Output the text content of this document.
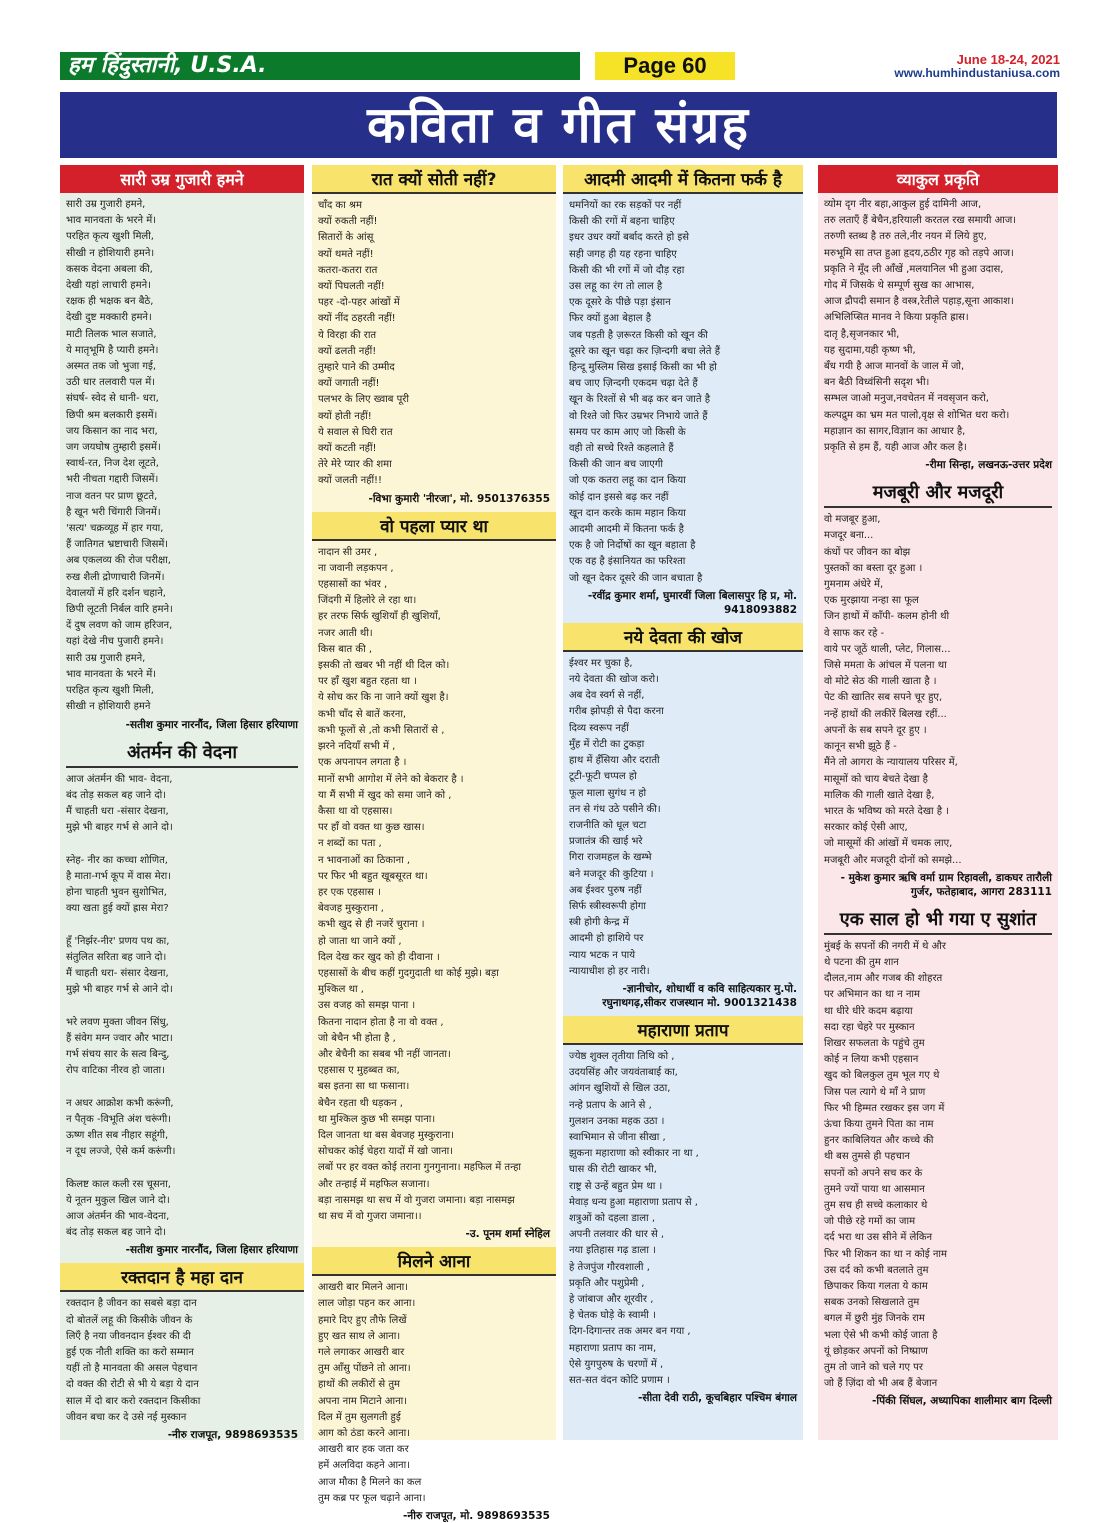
हम हिंदुस्तानी, U.S.A.	Page 60	June 18-24, 2021
www.humhindustaniusa.com
कविता व गीत संग्रह
सारी उम्र गुजारी हमने
सारी उम्र गुजारी हमने,
भाव मानवता के भरने में।
परहित कृत्य खुशी मिली,
सीखी न होशियारी हमने।
कसक वेदना अबला की,
देखी यहां लाचारी हमने।
रक्षक ही भक्षक बन बैठे,
देखी दुष्ट मक्कारी हमने।
माटी तिलक भाल सजाते,
ये मातृभूमि है प्यारी हमने।
अस्मत तक जो भुजा गई,
उठी धार तलवारी पल में।
संघर्ष- स्वेद से धानी- धरा,
छिपी श्रम बलकारी इसमें।
जय किसान का नाद भरा,
जग जयघोष तुम्हारी इसमें।
स्वार्थ-रत, निज देश लूटते,
भरी नीचता गद्दारी जिसमें।
नाज वतन पर प्राण छूटते,
है खून भरी चिंगारी जिनमें।
'सत्य' चक्रव्यूह में हार गया,
हैं जातिगत भ्रष्टाचारी जिसमें।
अब एकलव्य की रोज परीक्षा,
रुख शैली द्रोणाचारी जिनमें।
देवालयों में हरि दर्शन चहाने,
छिपी लूटती निर्बल वारि हमने।
दें दुष लवण को जाम हरिजन,
यहां देखे नीच पुजारी हमने।
सारी उम्र गुजारी हमने,
भाव मानवता के भरने में।
परहित कृत्य खुशी मिली,
सीखी न होशियारी हमने
-सतीश कुमार नारनौंद, जिला हिसार हरियाणा
अंतर्मन की वेदना
आज अंतर्मन की भाव- वेदना,
बंद तोड़ सकल बह जाने दो।
मैं चाहती धरा -संसार देखना,
मुझे भी बाहर गर्भ से आने दो।

स्नेह- नीर का कच्चा शोणित,
है माता-गर्भ कूप में वास मेरा।
होना चाहती भुवन सुशोभित,
क्या खता हुई क्यों ह्रास मेरा?

हूँ 'निर्झर-नीर' प्रणय पथ का,
संतुलित सरिता बह जाने दो।
मैं चाहती धरा- संसार देखना,
मुझे भी बाहर गर्भ से आने दो।

भरे लवण मुक्ता जीवन सिंधु,
हैं संवेग मग्न ज्वार और भाटा।
गर्भ संचय सार के सत्व बिन्दु,
रोप वाटिका नीरव हो जाता।

न अधर आक्रोश कभी करूंगी,
न पैतृक -विभूति अंश चरूंगी।
ऊष्ण शीत सब नीहार सहूंगी,
न दूध लज्जे, ऐसे कर्म करूंगी।

किलष्ट काल कली रस चूसना,
ये नूतन मुकुल खिल जाने दो।
आज अंतर्मन की भाव-वेदना,
बंद तोड़ सकल बह जाने दो।
-सतीश कुमार नारनौंद, जिला हिसार हरियाणा
रक्तदान है महा दान
रक्तदान है जीवन का सबसे बड़ा दान
दो बोतलें लहू की किसीके जीवन के
लिएँ है नया जीवनदान ईश्वर की दी
हुई एक नौती शक्ति का करो सम्मान
यहीं तो है मानवता की असल पेहचान
दो वक्त की रोटी से भी ये बड़ा ये दान
साल में दो बार करो रक्तदान किसीका
जीवन बचा कर दे उसे नई मुस्कान
-नीरु राजपूत, 9898693535
रात क्यों सोती नहीं?
चाँद का श्रम
क्यों रुकती नहीं!
सितारों के आंसू
क्यों थमते नहीं!
कतरा-कतरा रात
क्यों पिघलती नहीं!
पहर -दो-पहर आंखों में
क्यों नींद ठहरती नहीं!
ये विरहा की रात
क्यों ढलती नहीं!
तुम्हारे पाने की उम्मीद
क्यों जगाती नहीं!
पलभर के लिए ख्वाब पूरी
क्यों होती नहीं!
ये सवाल से घिरी रात
क्यों कटती नहीं!
तेरे मेरे प्यार की शमा
क्यों जलती नहीं!!
-विभा कुमारी 'नीरजा', मो. 9501376355
वो पहला प्यार था
नादान सी उमर ,
ना जवानी लड़कपन ,
एहसासों का भंवर ,
जिंदगी में हिलोरे ले रहा था।
हर तरफ सिर्फ खुशियाँ ही खुशियाँ,
नजर आती थी।
किस बात की ,
इसकी तो खबर भी नहीं थी दिल को।
पर हाँ खुश बहुत रहता था ।
ये सोच कर कि ना जाने क्यों खुश है।
कभी चाँद से बातें करना,
कभी फूलों से ,तो कभी सितारों से ,
झरने नदियाँ सभी में ,
एक अपनापन लगता है ।
मानों सभी आगोश में लेने को बेकरार है ।
या मैं सभी में खुद को समा जाने को ,
कैसा था वो एहसास।
पर हाँ वो वक्त था कुछ खास।
न शब्दों का पता ,
न भावनाओं का ठिकाना ,
पर फिर भी बहुत खूबसूरत था।
हर एक एहसास ।
बेवजह मुस्कुराना ,
कभी खुद से ही नजरें चुराना ।
हो जाता था जाने क्यों ,
दिल देख कर खुद को ही दीवाना ।
एहसासों के बीच कहीं गुदगुदाती था कोई मुझे। बड़ा
मुश्किल था ,
उस वजह को समझ पाना ।
कितना नादान होता है ना वो वक्त ,
जो बेचैन भी होता है ,
और बेचैनी का सबब भी नहीं जानता।
एहसास ए मुहब्बत का,
बस इतना सा था फसाना।
बेचैन रहता थी धड़कन ,
था मुश्किल कुछ भी समझ पाना।
दिल जानता था बस बेवजह मुस्कुराना।
सोचकर कोई चेहरा यादों में खो जाना।
लबों पर हर वक्त कोई तराना गुनगुनाना। महफिल में तन्हा
और तन्हाई में महफिल सजाना।
बड़ा नासमझ था सच में वो गुजरा जमाना। बड़ा नासमझ
था सच में वो गुजरा जमाना।।
-उ. पूनम शर्मा स्नेहिल
मिलने आना
आखरी बार मिलने आना।
लाल जोड़ा पहन कर आना।
हमारे दिए हुए तौफे लिखें
हुए खत साथ ले आना।
गले लगाकर आखरी बार
तुम आँसु पोंछने तो आना।
हाथों की लकीरों से तुम
अपना नाम मिटाने आना।
दिल में तुम सुलगती हुई
आग को ठंडा करने आना।
आखरी बार हक जता कर
हमें अलविदा कहने आना।
आज मौका है मिलने का कल
तुम कब्र पर फूल चढ़ाने आना।
-नीरु राजपूत, मो. 9898693535
आदमी आदमी में कितना फर्क है
धमनियों का रक सड़कों पर नहीं
किसी की रगों में बहना चाहिए
इधर उधर क्यों बर्बाद करते हो इसे
सही जगह ही यह रहना चाहिए
किसी की भी रगों में जो दौड़ रहा
उस लहू का रंग तो लाल है
एक दूसरे के पीछे पड़ा इंसान
फिर क्यों हुआ बेहाल है
जब पड़ती है ज़रूरत किसी को खून की
दूसरे का खून चढ़ा कर ज़िन्दगी बचा लेते हैं
हिन्दू मुस्लिम सिख इसाई किसी का भी हो
बच जाए ज़िन्दगी एकदम चढ़ा देते हैं
खून के रिश्तों से भी बढ़ कर बन जाते है
वो रिश्ते जो फिर उम्रभर निभाये जाते हैं
समय पर काम आए जो किसी के
वही तो सच्चे रिश्ते कहलाते हैं
किसी की जान बच जाएगी
जो एक कतरा लहू का दान किया
कोई दान इससे बढ़ कर नहीं
खून दान करके काम महान किया
आदमी आदमी में कितना फर्क है
एक है जो निर्दोषों का खून बहाता है
एक वह है इंसानियत का फरिश्ता
जो खून देकर दूसरे की जान बचाता है
-रवींद्र कुमार शर्मा, घुमारवीं जिला बिलासपुर हि प्र, मो. 9418093882
नये देवता की खोज
ईश्वर मर चुका है,
नये देवता की खोज करो।
अब देव स्वर्ग से नहीं,
गरीब झोपड़ी से पैदा करना
दिव्य स्वरूप नहीं
मुँह में रोटी का टुकड़ा
हाथ में हँसिया और दराती
टूटी-फूटी चप्पल हो
फूल माला सुगंध न हो
तन से गंध उठे पसीने की।
राजनीति को धूल चटा
प्रजातंत्र की खाई भरे
गिरा राजमहल के खम्भे
बने मजदूर की कुटिया ।
अब ईश्वर पुरुष नहीं
सिर्फ स्त्रीस्वरूपी होगा
स्त्री होगी केन्द्र में
आदमी हो हाशिये पर
न्याय भटक न पाये
न्यायाधीश हो हर नारी।
-ज्ञानीचोर, शोधार्थी व कवि साहित्यकार मु.पो. रघुनाथगढ़,सीकर राजस्थान मो. 9001321438
महाराणा प्रताप
ज्येष्ठ शुक्ल तृतीया तिथि को ,
उदयसिंह और जयवंताबाई का,
आंगन खुशियों से खिल उठा,
नन्हे प्रताप के आने से ,
गुलशन उनका महक उठा ।
स्वाभिमान से जीना सीखा ,
झुकना महाराणा को स्वीकार ना था ,
घास की रोटी खाकर भी,
राष्ट्र से उन्हें बहुत प्रेम था ।
मेवाड़ धन्य हुआ महाराणा प्रताप से ,
शत्रुओं को दहला डाला ,
अपनी तलवार की धार से ,
नया इतिहास गढ़ डाला ।
हे तेजपुंज गौरवशाली ,
प्रकृति और पशुप्रेमी ,
हे जांबाज और शूरवीर ,
हे चेतक घोड़े के स्वामी ।
दिग-दिगान्तर तक अमर बन गया ,
महाराणा प्रताप का नाम,
ऐसे युगपुरुष के चरणों में ,
सत-सत वंदन कोटि प्रणाम ।
-सीता देवी राठी, कूचबिहार पश्चिम बंगाल
व्याकुल प्रकृति
व्योम दृग नीर बहा,आकुल हुई दामिनी आज,
तरु लताएँ हैं बेचैन,हरियाली करतल रख समायी आज।
तरुणी स्तब्ध है तरु तले,नीर नयन में लिये हुए,
मरुभूमि सा तप्त हुआ हृदय,ठठीर गृह को तड़पे आज।
प्रकृति ने मूँद ली आँखें ,मलयानिल भी हुआ उदास,
गोद में जिसके थे सम्पूर्ण सुख का आभास,
आज द्रौपदी समान है वस्त्र,रेतीले पहाड़,सूना आकाश।
अभिलिप्सित मानव ने किया प्रकृति ह्रास।
दातृ है,सृजनकार भी,
यह सुदामा,यही कृष्ण भी,
बँध गयी है आज मानवों के जाल में जो,
बन बैठी विध्वंसिनी सदृश भी।
सम्भल जाओ मनुज,नवचेतन में नवसृजन करो,
कल्पद्रुम का भ्रम मत पालो,वृक्ष से शोभित धरा करो।
महाज्ञान का सागर,विज्ञान का आधार है,
प्रकृति से हम हैं, यही आज और कल है।
-रीमा सिन्हा, लखनऊ-उत्तर प्रदेश
मजबूरी और मजदूरी
वो मजबूर हुआ,
मजदूर बना...
कंधों पर जीवन का बोझ
पुस्तकों का बस्ता दूर हुआ ।
गुमनाम अंधेरे में,
एक मुरझाया नन्हा सा फूल
जिन हाथों में काँपी- कलम होनी थी
वे साफ कर रहे -
वाये पर जूठें थाली, प्लेट, गिलास...
जिसे ममता के आंचल में पलना था
वो मोटे सेठ की गाली खाता है ।
पेट की खातिर सब सपने चूर हुए,
नन्हें हाथों की लकीरें बिलख रहीं...
अपनों के सब सपने दूर हुए ।
कानून सभी झूठे हैं -
मैंने तो आगरा के न्यायालय परिसर में,
मासूमों को चाय बेचते देखा है
मालिक की गाली खाते देखा है,
भारत के भविष्य को मरते देखा है ।
सरकार कोई ऐसी आए,
जो मासूमों की आंखों में चमक लाए,
मजबूरी और मजदूरी दोनों को समझे...
- मुकेश कुमार ऋषि वर्मा ग्राम रिहावली, डाकघर तारौली गुर्जर, फतेहाबाद, आगरा 283111
एक साल हो भी गया ए सुशांत
मुंबई के सपनों की नगरी में थे और
थे पटना की तुम शान
दौलत,नाम और गजब की शोहरत
पर अभिमान का था न नाम
था धीरे धीरे कदम बढ़ाया
सदा रहा चेहरे पर मुस्कान
शिखर सफलता के पहुंचे तुम
कोई न लिया कभी एहसान
खुद को बिलकुल तुम भूल गए थे
जिस पल त्यागे थे माँ ने प्राण
फिर भी हिम्मत रखकर इस जग में
ऊंचा किया तुमने पिता का नाम
हुनर काबिलियत और कच्चे की
थी बस तुमसे ही पहचान
सपनों को अपने सच कर के
तुमने ज्यों पाया था आसमान
तुम सच ही सच्चे कलाकार थे
जो पीछे रहे गमों का जाम
दर्द भरा था उस सीने में लेकिन
फिर भी शिकन का था न कोई नाम
उस दर्द को कभी बतलाते तुम
छिपाकर किया गलता ये काम
सबक उनको सिखलाते तुम
बगल में छुरी मुंह जिनके राम
भला ऐसे भी कभी कोई जाता है
यूं छोड़कर अपनों को निष्प्राण
तुम तो जाने को चले गए पर
जो हैं ज़िंदा वो भी अब हैं बेजान
-पिंकी सिंघल, अध्यापिका शालीमार बाग दिल्ली
